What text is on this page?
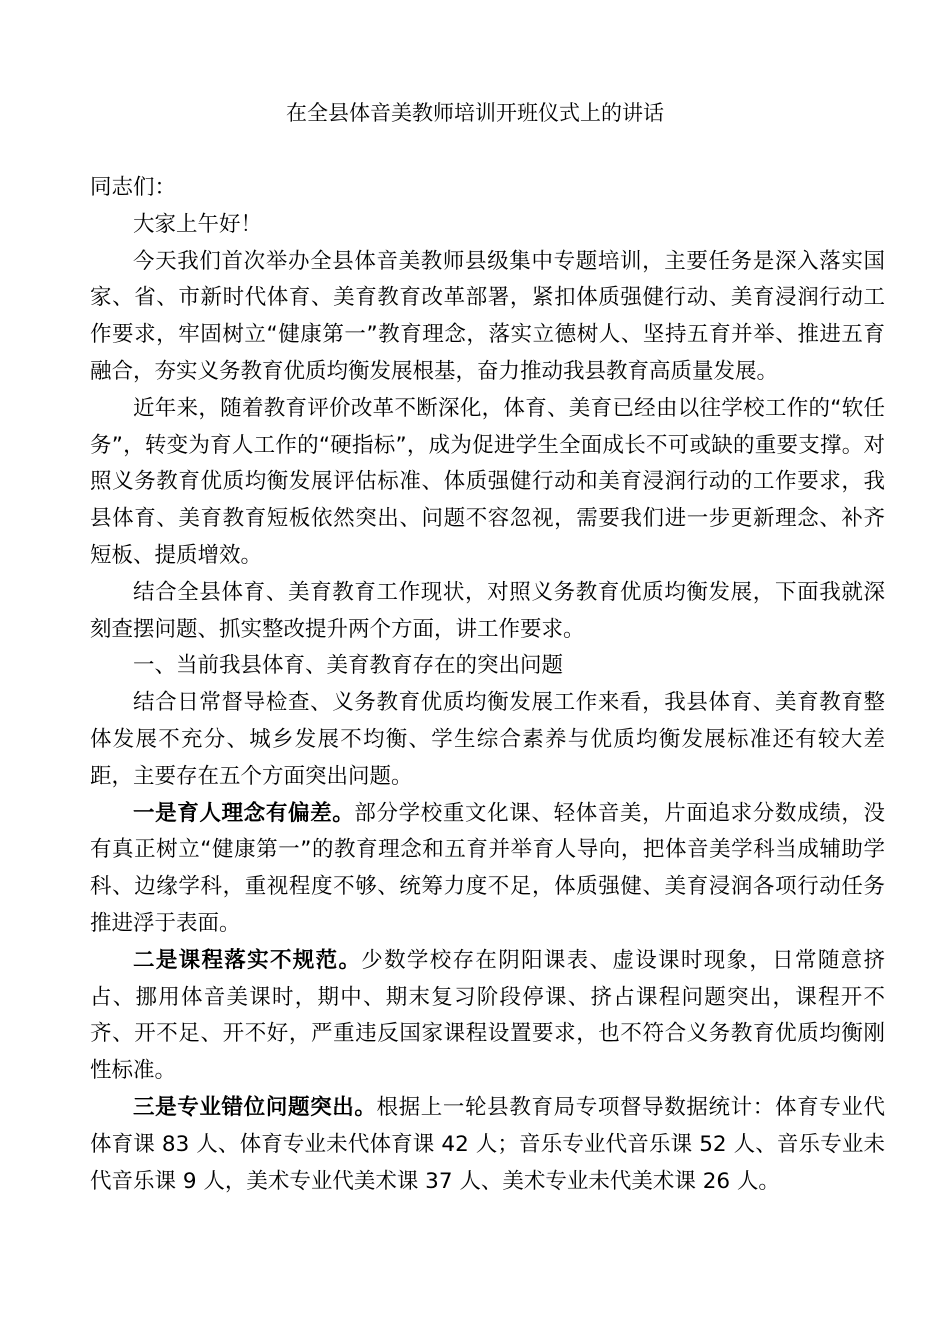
在全县体音美教师培训开班仪式上的讲话

同志们：

大家上午好！

今天我们首次举办全县体音美教师县级集中专题培训，主要任务是深入落实国家、省、市新时代体育、美育教育改革部署，紧扣体质强健行动、美育浸润行动工作要求，牢固树立“健康第一”教育理念，落实立德树人、坚持五育并举、推进五育融合，夯实义务教育优质均衡发展根基，奋力推动我县教育高质量发展。

近年来，随着教育评价改革不断深化，体育、美育已经由以往学校工作的“软任务”，转变为育人工作的“硬指标”，成为促进学生全面成长不可或缺的重要支撑。对照义务教育优质均衡发展评估标准、体质强健行动和美育浸润行动的工作要求，我县体育、美育教育短板依然突出、问题不容忽视，需要我们进一步更新理念、补齐短板、提质增效。

结合全县体育、美育教育工作现状，对照义务教育优质均衡发展，下面我就深刻查摆问题、抓实整改提升两个方面，讲工作要求。

一、当前我县体育、美育教育存在的突出问题

结合日常督导检查、义务教育优质均衡发展工作来看，我县体育、美育教育整体发展不充分、城乡发展不均衡、学生综合素养与优质均衡发展标准还有较大差距，主要存在五个方面突出问题。

一是育人理念有偏差。部分学校重文化课、轻体音美，片面追求分数成绩，没有真正树立“健康第一”的教育理念和五育并举育人导向，把体音美学科当成辅助学科、边缘学科，重视程度不够、统筹力度不足，体质强健、美育浸润各项行动任务推进浮于表面。

二是课程落实不规范。少数学校存在阴阳课表、虚设课时现象，日常随意挤占、挪用体音美课时，期中、期末复习阶段停课、挤占课程问题突出，课程开不齐、开不足、开不好，严重违反国家课程设置要求，也不符合义务教育优质均衡刚性标准。

三是专业错位问题突出。根据上一轮县教育局专项督导数据统计：体育专业代体育课 83 人、体育专业未代体育课 42 人；音乐专业代音乐课 52 人、音乐专业未代音乐课 9 人，美术专业代美术课 37 人、美术专业未代美术课 26 人。
